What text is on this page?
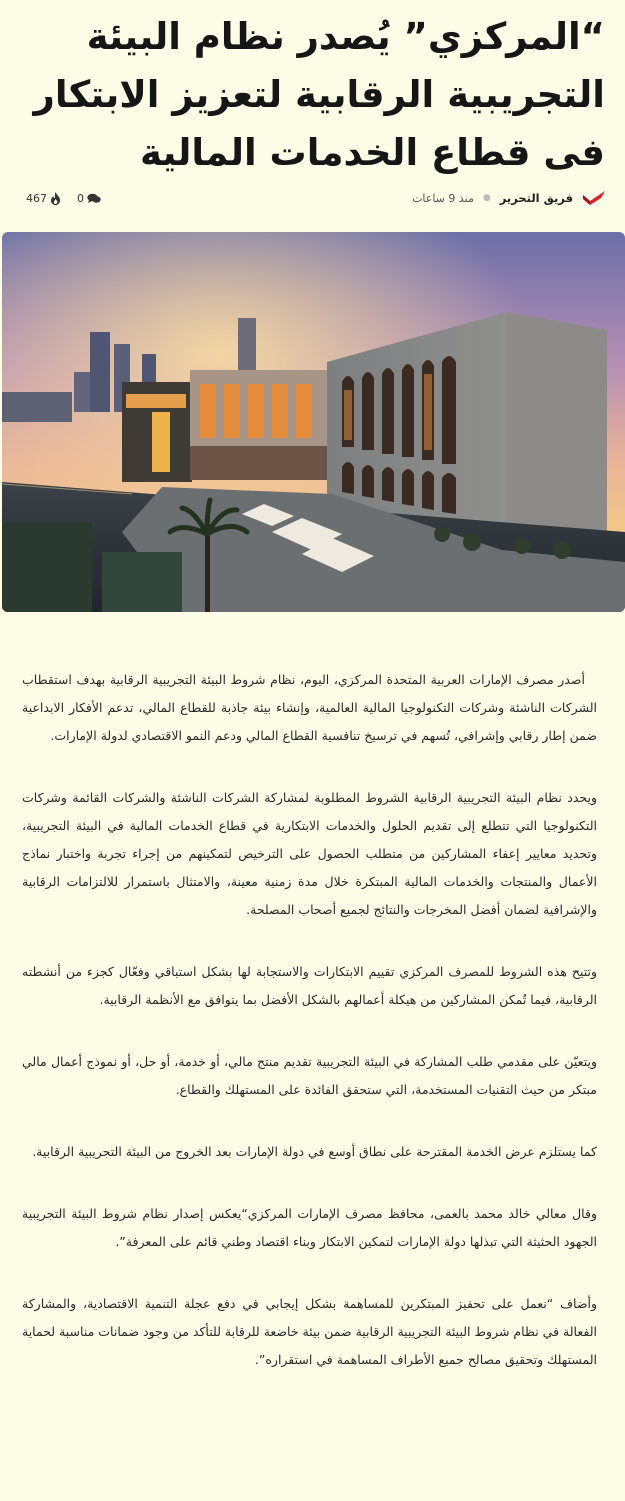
“المركزي” يُصدر نظام البيئة التجريبية الرقابية لتعزيز الابتكار فى قطاع الخدمات المالية
فريق التحرير
●
منذ 9 ساعات
467	0

أصدر مصرف الإمارات العربية المتحدة المركزي، اليوم، نظام شروط البيئة التجريبية الرقابية بهدف استقطاب الشركات الناشئة وشركات التكنولوجيا المالية العالمية، وإنشاء بيئة جاذبة للقطاع المالي، تدعم الأفكار الابداعية ضمن إطار رقابي وإشرافي، تُسهم في ترسيخ تنافسية القطاع المالي ودعم النمو الاقتصادي لدولة الإمارات.

ويحدد نظام البيئة التجريبية الرقابية الشروط المطلوبة لمشاركة الشركات الناشئة والشركات القائمة وشركات التكنولوجيا التي تتطلع إلى تقديم الحلول والخدمات الابتكارية في قطاع الخدمات المالية في البيئة التجريبية، وتحديد معايير إعفاء المشاركين من متطلب الحصول على الترخيص لتمكينهم من إجراء تجربة واختبار نماذج الأعمال والمنتجات والخدمات المالية المبتكرة خلال مدة زمنية معينة، والامتثال باستمرار للالتزامات الرقابية والإشرافية لضمان أفضل المخرجات والنتائج لجميع أصحاب المصلحة.

وتتيح هذه الشروط للمصرف المركزي تقييم الابتكارات والاستجابة لها بشكل استباقي وفعّال كجزء من أنشطته الرقابية، فيما تُمكن المشاركين من هيكلة أعمالهم بالشكل الأفضل بما يتوافق مع الأنظمة الرقابية.

ويتعيّن على مقدمي طلب المشاركة في البيئة التجريبية تقديم منتج مالي، أو خدمة، أو حل، أو نموذج أعمال مالي مبتكر من حيث التقنيات المستخدمة، التي ستحقق الفائدة على المستهلك والقطاع.

كما يستلزم عرض الخدمة المقترحة على نطاق أوسع في دولة الإمارات بعد الخروج من البيئة التجريبية الرقابية.

وقال معالي خالد محمد بالعمى، محافظ مصرف الإمارات المركزي“يعكس إصدار نظام شروط البيئة التجريبية الجهود الحثيثة التي تبذلها دولة الإمارات لتمكين الابتكار وبناء اقتصاد وطني قائم على المعرفة”.

وأضاف “نعمل على تحفيز المبتكرين للمساهمة بشكل إيجابي في دفع عجلة التنمية الاقتصادية، والمشاركة الفعالة في نظام شروط البيئة التجريبية الرقابية ضمن بيئة خاضعة للرقابة للتأكد من وجود ضمانات مناسبة لحماية المستهلك وتحقيق مصالح جميع الأطراف المساهمة في استقراره”.
